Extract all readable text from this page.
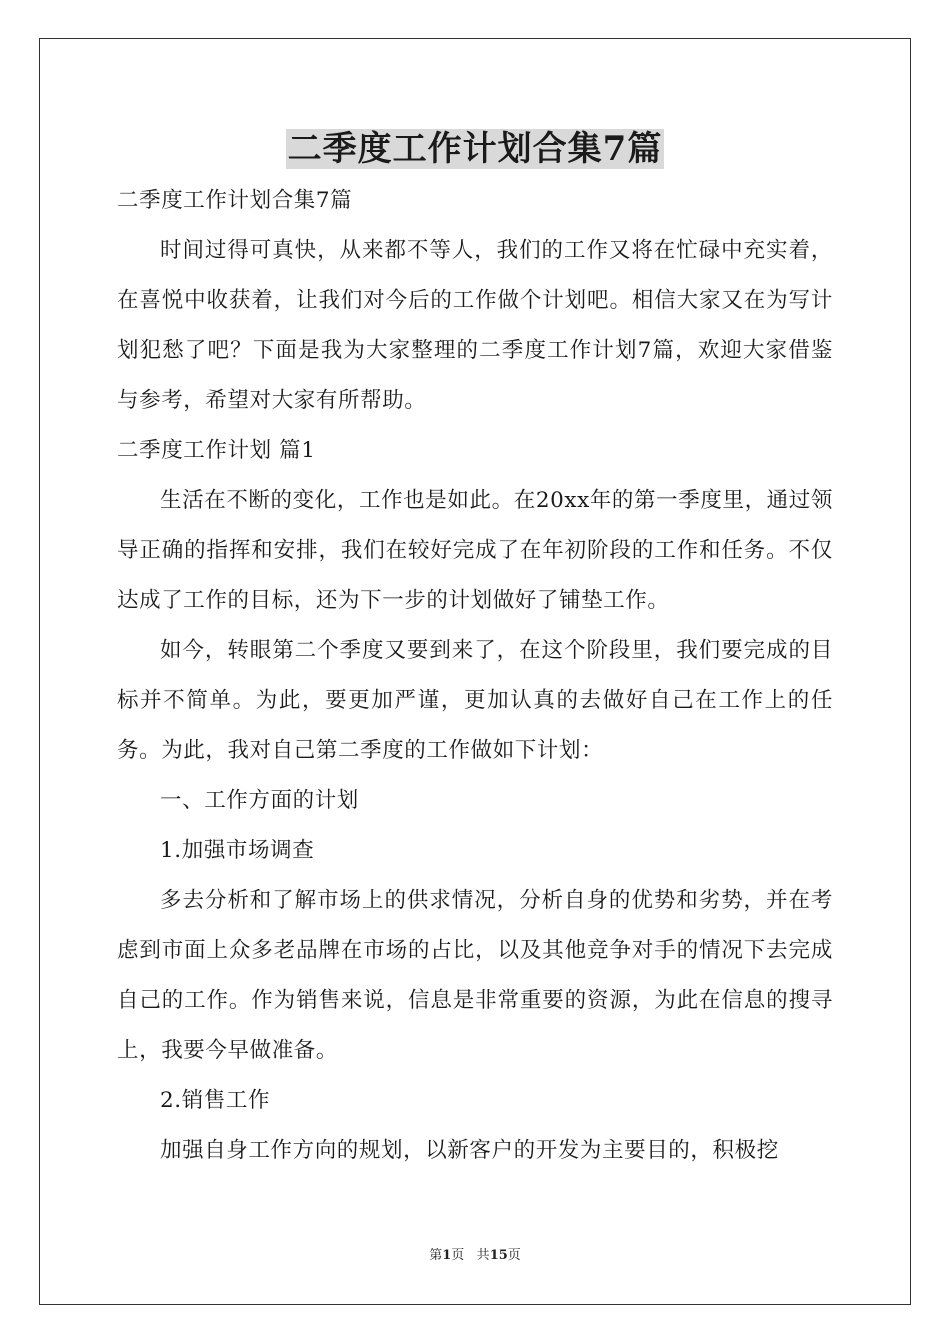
二季度工作计划合集7篇

二季度工作计划合集7篇

时间过得可真快，从来都不等人，我们的工作又将在忙碌中充实着，在喜悦中收获着，让我们对今后的工作做个计划吧。相信大家又在为写计划犯愁了吧？下面是我为大家整理的二季度工作计划7篇，欢迎大家借鉴与参考，希望对大家有所帮助。

二季度工作计划 篇1

生活在不断的变化，工作也是如此。在20xx年的第一季度里，通过领导正确的指挥和安排，我们在较好完成了在年初阶段的工作和任务。不仅达成了工作的目标，还为下一步的计划做好了铺垫工作。

如今，转眼第二个季度又要到来了，在这个阶段里，我们要完成的目标并不简单。为此，要更加严谨，更加认真的去做好自己在工作上的任务。为此，我对自己第二季度的工作做如下计划：

一、工作方面的计划

1.加强市场调查

多去分析和了解市场上的供求情况，分析自身的优势和劣势，并在考虑到市面上众多老品牌在市场的占比，以及其他竞争对手的情况下去完成自己的工作。作为销售来说，信息是非常重要的资源，为此在信息的搜寻上，我要今早做准备。

2.销售工作

加强自身工作方向的规划，以新客户的开发为主要目的，积极挖

第1页 共15页
